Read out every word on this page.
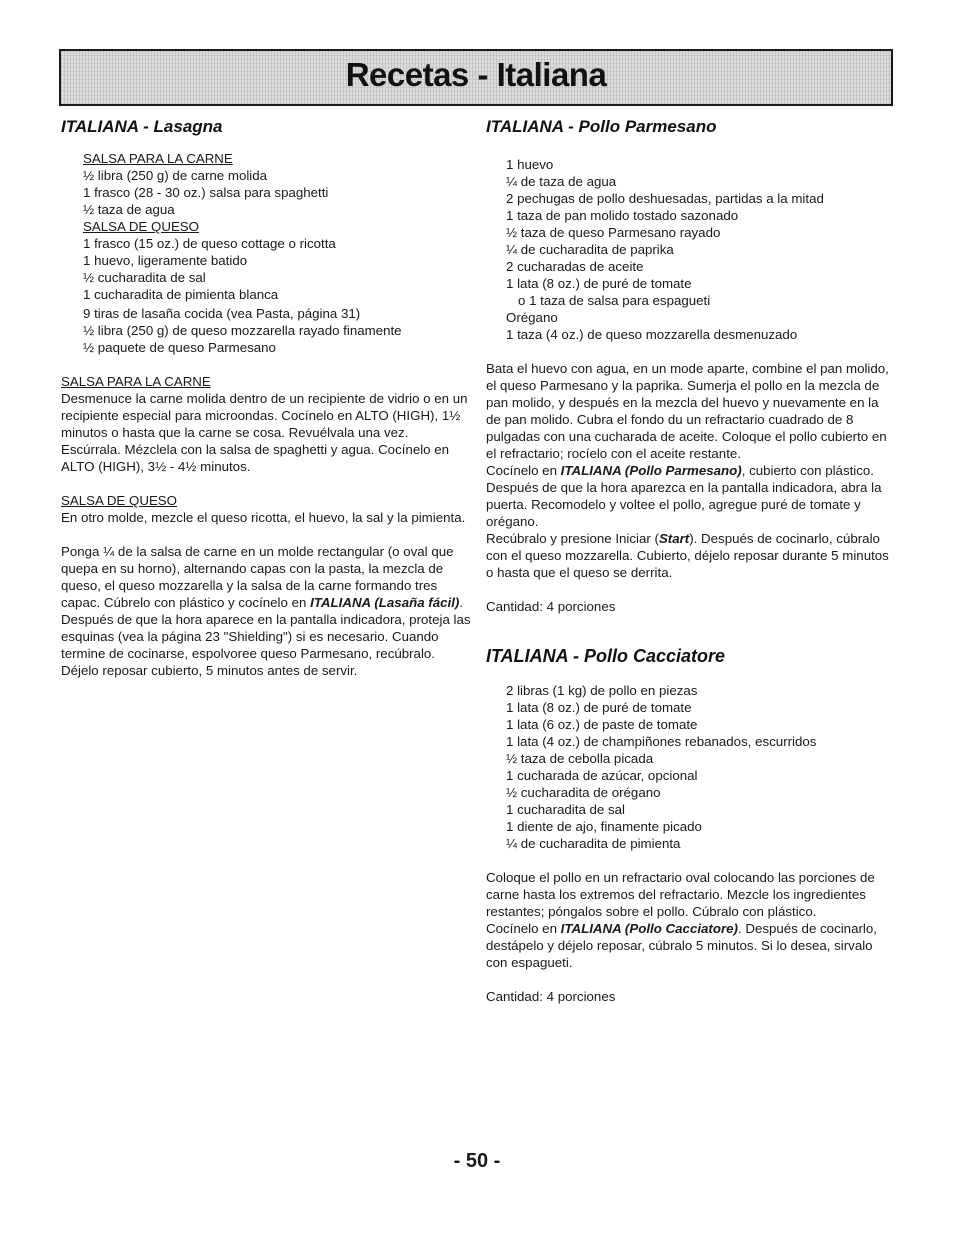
Recetas - Italiana
ITALIANA - Lasagna
SALSA PARA LA CARNE
½ libra (250 g) de carne molida
1 frasco (28 - 30 oz.) salsa para spaghetti
½ taza de agua
SALSA DE QUESO
1 frasco (15 oz.) de queso cottage o ricotta
1 huevo, ligeramente batido
½ cucharadita de sal
1 cucharadita de pimienta blanca
9 tiras de lasaña cocida (vea Pasta, página 31)
½ libra (250 g) de queso mozzarella rayado finamente
½ paquete de queso Parmesano
SALSA PARA LA CARNE

Desmenuce la carne molida dentro de un recipiente de vidrio o en un recipiente especial para microondas. Cocínelo en ALTO (HIGH), 1½ minutos o hasta que la carne se cosa. Revuélvala una vez. Escúrrala. Mézclela con la salsa de spaghetti y agua. Cocínelo en ALTO (HIGH), 3½ - 4½ minutos.

SALSA DE QUESO

En otro molde, mezcle el queso ricotta, el huevo, la sal y la pimienta.

Ponga ¼ de la salsa de carne en un molde rectangular (o oval que quepa en su horno), alternando capas con la pasta, la mezcla de queso, el queso mozzarella y la salsa de la carne formando tres capac. Cúbrelo con plástico y cocínelo en ITALIANA (Lasaña fácil). Después de que la hora aparece en la pantalla indicadora, proteja las esquinas (vea la página 23 "Shielding") si es necesario. Cuando termine de cocinarse, espolvoree queso Parmesano, recúbralo. Déjelo reposar cubierto, 5 minutos antes de servir.

ITALIANA - Pollo Parmesano
1 huevo
¼ de taza de agua
2 pechugas de pollo deshuesadas, partidas a la mitad
1 taza de pan molido tostado sazonado
½ taza de queso Parmesano rayado
¼ de cucharadita de paprika
2 cucharadas de aceite
1 lata (8 oz.) de puré de tomate
o 1 taza de salsa para espagueti
Orégano
1 taza (4 oz.) de queso mozzarella desmenuzado

Bata el huevo con agua, en un mode aparte, combine el pan molido, el queso Parmesano y la paprika. Sumerja el pollo en la mezcla de pan molido, y después en la mezcla del huevo y nuevamente en la de pan molido. Cubra el fondo du un refractario cuadrado de 8 pulgadas con una cucharada de aceite. Coloque el pollo cubierto en el refractario; rocíelo con el aceite restante.

Cocínelo en ITALIANA (Pollo Parmesano), cubierto con plástico. Después de que la hora aparezca en la pantalla indicadora, abra la puerta. Recomodelo y voltee el pollo, agregue puré de tomate y orégano.

Recúbralo y presione Iniciar (Start). Después de cocinarlo, cúbralo con el queso mozzarella. Cubierto, déjelo reposar durante 5 minutos o hasta que el queso se derrita.

Cantidad: 4 porciones
ITALIANA - Pollo Cacciatore
2 libras (1 kg) de pollo en piezas
1 lata (8 oz.) de puré de tomate
1 lata (6 oz.) de paste de tomate
1 lata (4 oz.) de champiñones rebanados, escurridos
½ taza de cebolla picada
1 cucharada de azúcar, opcional
½ cucharadita de orégano
1 cucharadita de sal
1 diente de ajo, finamente picado
¼ de cucharadita de pimienta

Coloque el pollo en un refractario oval colocando las porciones de carne hasta los extremos del refractario. Mezcle los ingredientes restantes; póngalos sobre el pollo. Cúbralo con plástico.

Cocínelo en ITALIANA (Pollo Cacciatore). Después de cocinarlo, destápelo y déjelo reposar, cúbralo 5 minutos. Si lo desea, sirvalo con espagueti.

Cantidad: 4 porciones
- 50 -
